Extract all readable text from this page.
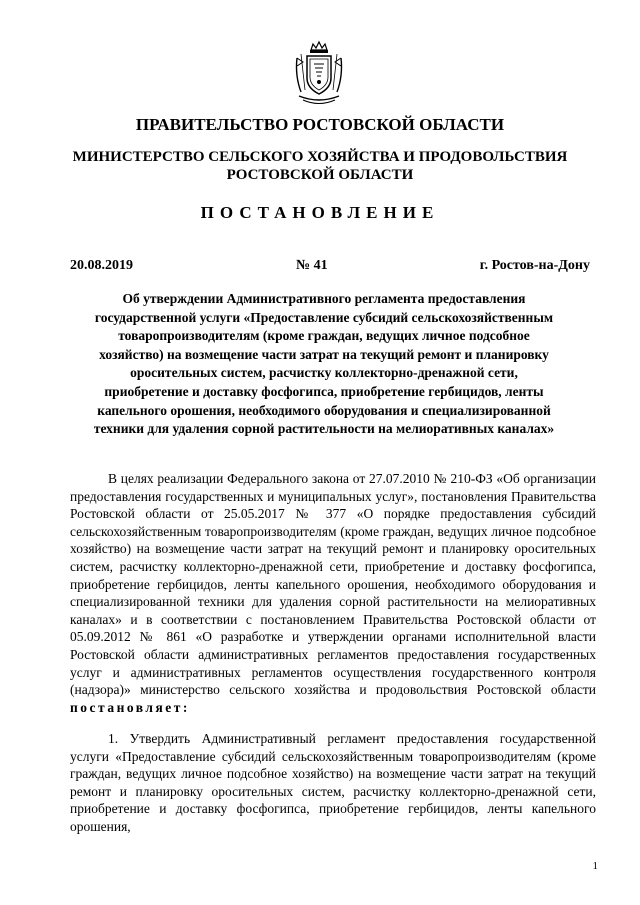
ПРАВИТЕЛЬСТВО РОСТОВСКОЙ ОБЛАСТИ
МИНИСТЕРСТВО СЕЛЬСКОГО ХОЗЯЙСТВА И ПРОДОВОЛЬСТВИЯ
РОСТОВСКОЙ ОБЛАСТИ
ПОСТАНОВЛЕНИЕ
20.08.2019	№ 41	г. Ростов-на-Дону
Об утверждении Административного регламента предоставления
государственной услуги «Предоставление субсидий сельскохозяйственным
товаропроизводителям (кроме граждан, ведущих личное подсобное
хозяйство) на возмещение части затрат на текущий ремонт и планировку
оросительных систем, расчистку коллекторно-дренажной сети,
приобретение и доставку фосфогипса, приобретение гербицидов, ленты
капельного орошения, необходимого оборудования и специализированной
техники для удаления сорной растительности на мелиоративных каналах»
В целях реализации Федерального закона от 27.07.2010 № 210-ФЗ «Об организации предоставления государственных и муниципальных услуг», постановления Правительства Ростовской области от 25.05.2017 № 377 «О порядке предоставления субсидий сельскохозяйственным товаропроизводителям (кроме граждан, ведущих личное подсобное хозяйство) на возмещение части затрат на текущий ремонт и планировку оросительных систем, расчистку коллекторно-дренажной сети, приобретение и доставку фосфогипса, приобретение гербицидов, ленты капельного орошения, необходимого оборудования и специализированной техники для удаления сорной растительности на мелиоративных каналах» и в соответствии с постановлением Правительства Ростовской области от 05.09.2012 № 861 «О разработке и утверждении органами исполнительной власти Ростовской области административных регламентов предоставления государственных услуг и административных регламентов осуществления государственного контроля (надзора)» министерство сельского хозяйства и продовольствия Ростовской области постановляет:
1. Утвердить Административный регламент предоставления государственной услуги «Предоставление субсидий сельскохозяйственным товаропроизводителям (кроме граждан, ведущих личное подсобное хозяйство) на возмещение части затрат на текущий ремонт и планировку оросительных систем, расчистку коллекторно-дренажной сети, приобретение и доставку фосфогипса, приобретение гербицидов, ленты капельного орошения,
1
